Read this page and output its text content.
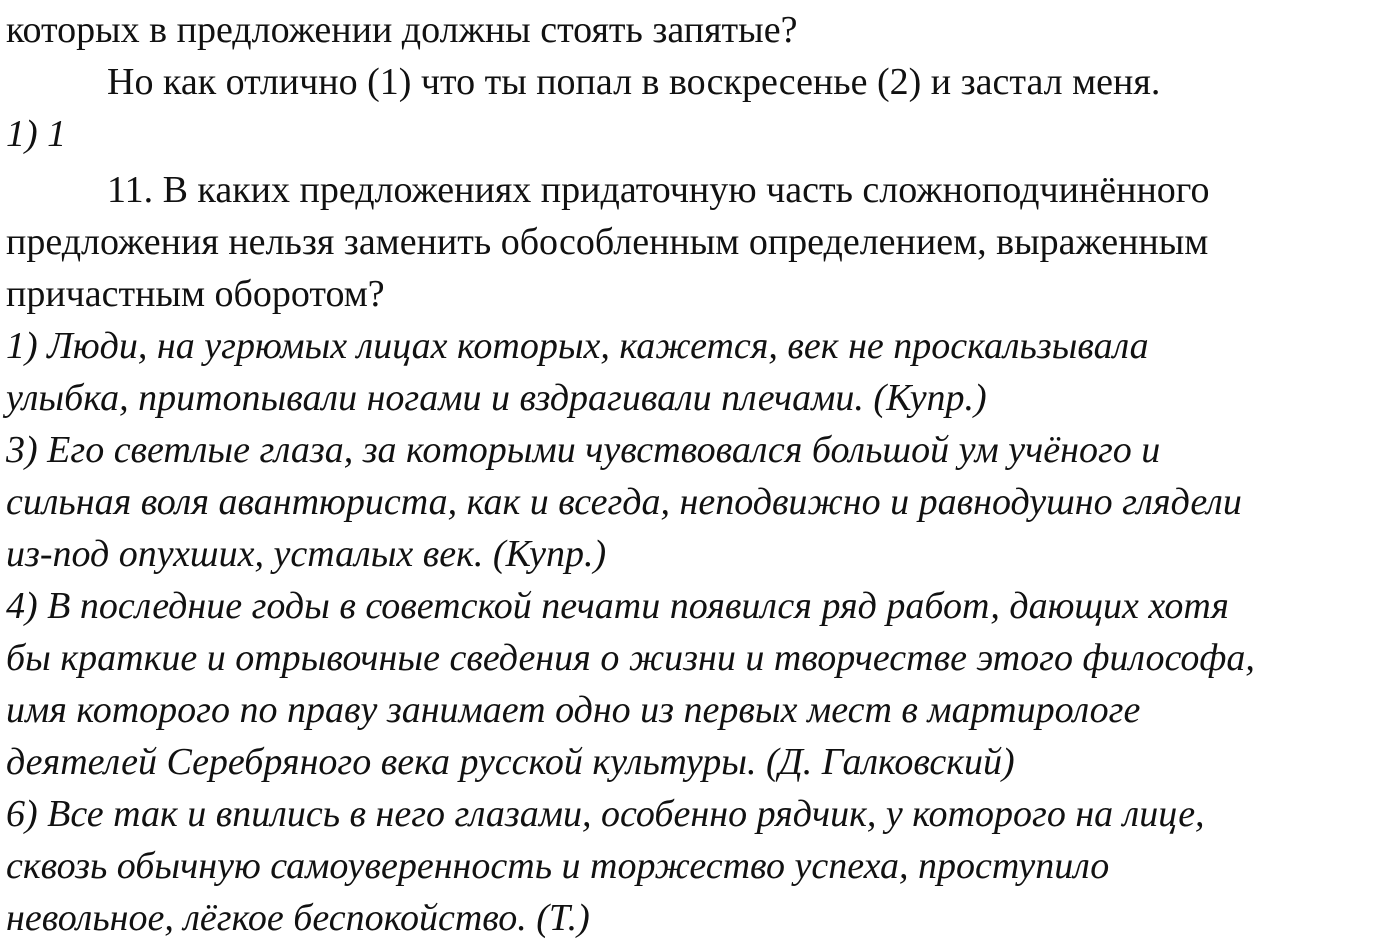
которых в предложении должны стоять запятые?
Но как отлично (1) что ты попал в воскресенье (2) и застал меня.
1) 1
11. В каких предложениях придаточную часть сложноподчинённого
предложения нельзя заменить обособленным определением, выраженным
причастным оборотом?
1) Люди, на угрюмых лицах которых, кажется, век не проскальзывала
улыбка, притопывали ногами и вздрагивали плечами. (Купр.)
3) Его светлые глаза, за которыми чувствовался большой ум учёного и
сильная воля авантюриста, как и всегда, неподвижно и равнодушно глядели
из-под опухших, усталых век. (Купр.)
4) В последние годы в советской печати появился ряд работ, дающих хотя
бы краткие и отрывочные сведения о жизни и творчестве этого философа,
имя которого по праву занимает одно из первых мест в мартирологе
деятелей Серебряного века русской культуры. (Д. Галковский)
6) Все так и впились в него глазами, особенно рядчик, у которого на лице,
сквозь обычную самоуверенность и торжество успеха, проступило
невольное, лёгкое беспокойство. (Т.)
